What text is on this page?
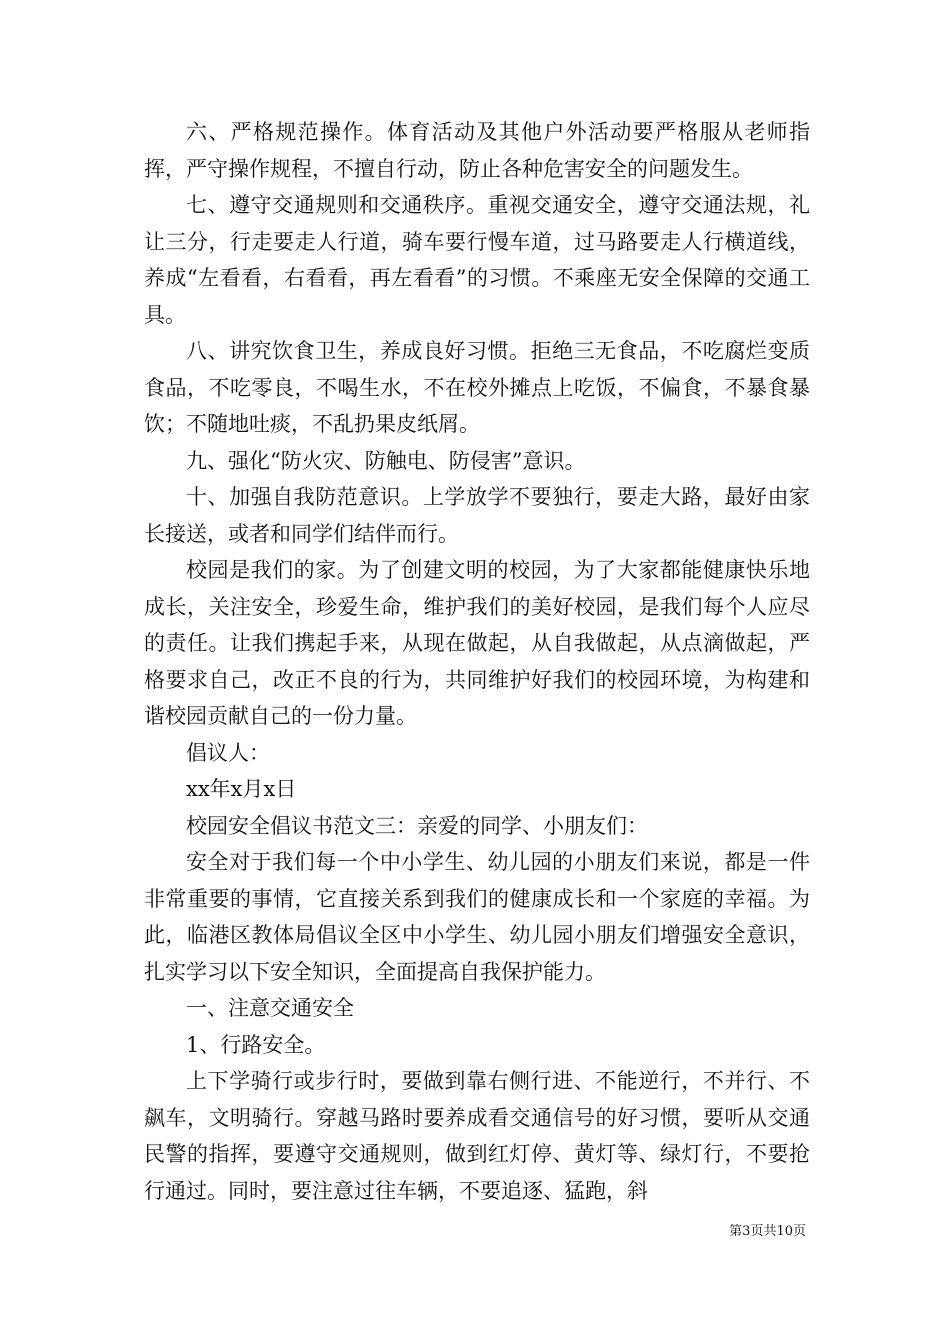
六、严格规范操作。体育活动及其他户外活动要严格服从老师指挥，严守操作规程，不擅自行动，防止各种危害安全的问题发生。

七、遵守交通规则和交通秩序。重视交通安全，遵守交通法规，礼让三分，行走要走人行道，骑车要行慢车道，过马路要走人行横道线，养成“左看看，右看看，再左看看”的习惯。不乘座无安全保障的交通工具。

八、讲究饮食卫生，养成良好习惯。拒绝三无食品，不吃腐烂变质食品，不吃零良，不喝生水，不在校外摊点上吃饭，不偏食，不暴食暴饮；不随地吐痰，不乱扔果皮纸屑。

九、强化“防火灾、防触电、防侵害”意识。

十、加强自我防范意识。上学放学不要独行，要走大路，最好由家长接送，或者和同学们结伴而行。

校园是我们的家。为了创建文明的校园，为了大家都能健康快乐地成长，关注安全，珍爱生命，维护我们的美好校园，是我们每个人应尽的责任。让我们携起手来，从现在做起，从自我做起，从点滴做起，严格要求自己，改正不良的行为，共同维护好我们的校园环境，为构建和谐校园贡献自己的一份力量。

倡议人：

xx年x月x日

校园安全倡议书范文三：亲爱的同学、小朋友们：

安全对于我们每一个中小学生、幼儿园的小朋友们来说，都是一件非常重要的事情，它直接关系到我们的健康成长和一个家庭的幸福。为此，临港区教体局倡议全区中小学生、幼儿园小朋友们增强安全意识，扎实学习以下安全知识，全面提高自我保护能力。

一、注意交通安全

1、行路安全。

上下学骑行或步行时，要做到靠右侧行进、不能逆行，不并行、不飙车，文明骑行。穿越马路时要养成看交通信号的好习惯，要听从交通民警的指挥，要遵守交通规则，做到红灯停、黄灯等、绿灯行，不要抢行通过。同时，要注意过往车辆，不要追逐、猛跑，斜

第3页共10页
